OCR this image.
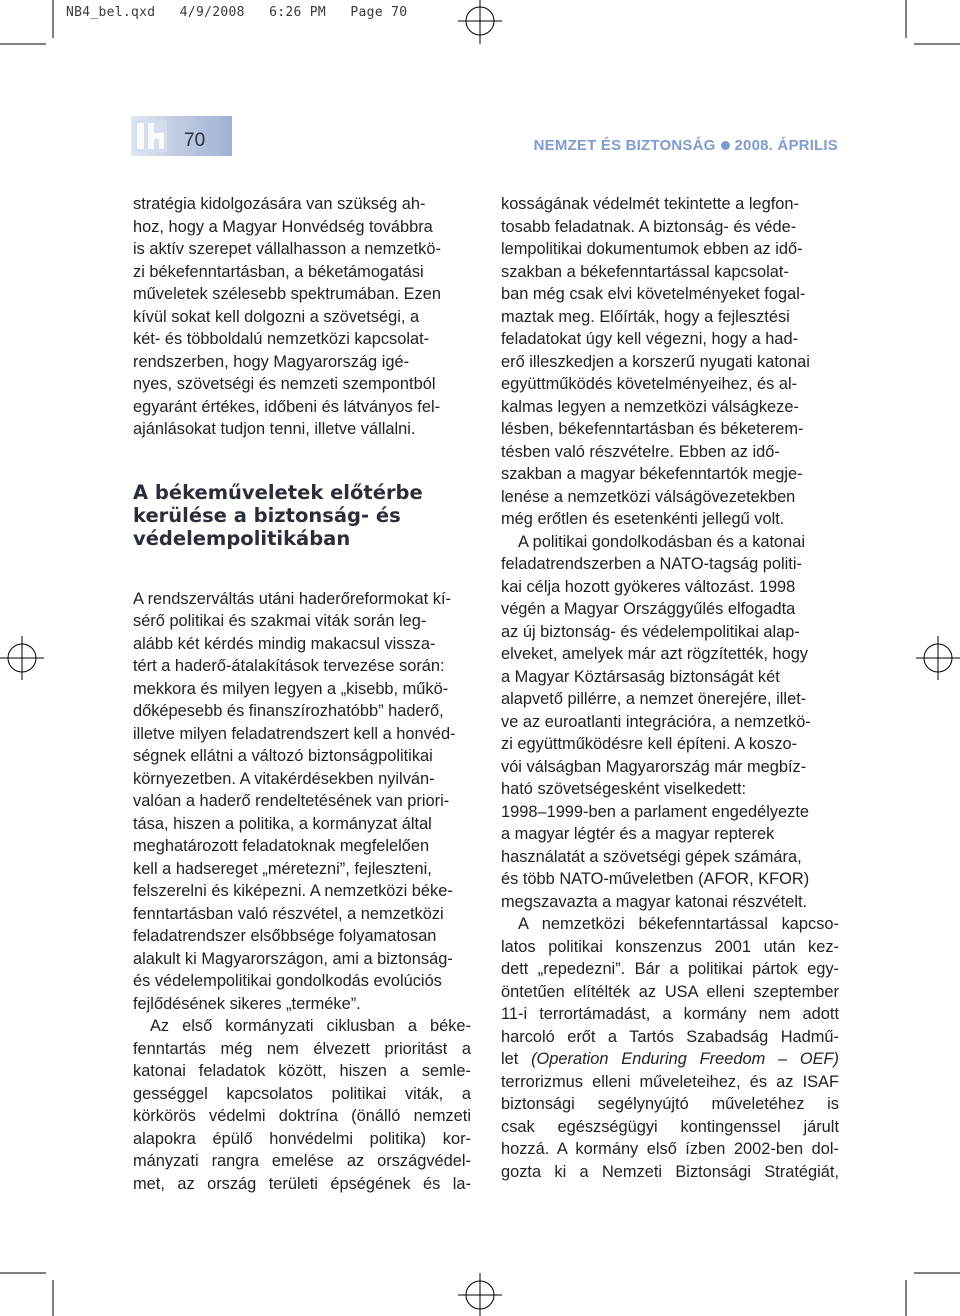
NB4_bel.qxd   4/9/2008   6:26 PM   Page 70
70	NEMZET ÉS BIZTONSÁG 2008. ÁPRILIS

stratégia kidolgozására van szükség ah-
hoz, hogy a Magyar Honvédség továbbra
is aktív szerepet vállalhasson a nemzetkö-
zi békefenntartásban, a béketámogatási
műveletek szélesebb spektrumában. Ezen
kívül sokat kell dolgozni a szövetségi, a
két- és többoldalú nemzetközi kapcsolat-
rendszerben, hogy Magyarország igé-
nyes, szövetségi és nemzeti szempontból
egyaránt értékes, időbeni és látványos fel-
ajánlásokat tudjon tenni, illetve vállalni.

A békeműveletek előtérbe
kerülése a biztonság- és
védelempolitikában

A rendszerváltás utáni haderőreformokat kí-
sérő politikai és szakmai viták során leg-
alább két kérdés mindig makacsul vissza-
tért a haderő-átalakítások tervezése során:
mekkora és milyen legyen a „kisebb, műkö-
dőképesebb és finanszírozhatóbb” haderő,
illetve milyen feladatrendszert kell a honvéd-
ségnek ellátni a változó biztonságpolitikai
környezetben. A vitakérdésekben nyilván-
valóan a haderő rendeltetésének van priori-
tása, hiszen a politika, a kormányzat által
meghatározott feladatoknak megfelelően
kell a hadsereget „méretezni”, fejleszteni,
felszerelni és kiképezni. A nemzetközi béke-
fenntartásban való részvétel, a nemzetközi
feladatrendszer elsőbbsége folyamatosan
alakult ki Magyarországon, ami a biztonság-
és védelempolitikai gondolkodás evolúciós
fejlődésének sikeres „terméke”.

Az első kormányzati ciklusban a béke-
fenntartás még nem élvezett prioritást a
katonai feladatok között, hiszen a semle-
gességgel kapcsolatos politikai viták, a
körkörös védelmi doktrína (önálló nemzeti
alapokra épülő honvédelmi politika) kor-
mányzati rangra emelése az országvédel-
met, az ország területi épségének és la-

kosságának védelmét tekintette a legfon-
tosabb feladatnak. A biztonság- és véde-
lempolitikai dokumentumok ebben az idő-
szakban a békefenntartással kapcsolat-
ban még csak elvi követelményeket fogal-
maztak meg. Előírták, hogy a fejlesztési
feladatokat úgy kell végezni, hogy a had-
erő illeszkedjen a korszerű nyugati katonai
együttműködés követelményeihez, és al-
kalmas legyen a nemzetközi válságkeze-
lésben, békefenntartásban és béketerem-
tésben való részvételre. Ebben az idő-
szakban a magyar békefenntartók megje-
lenése a nemzetközi válságövezetekben
még erőtlen és esetenkénti jellegű volt.

A politikai gondolkodásban és a katonai
feladatrendszerben a NATO-tagság politi-
kai célja hozott gyökeres változást. 1998
végén a Magyar Országgyűlés elfogadta
az új biztonság- és védelempolitikai alap-
elveket, amelyek már azt rögzítették, hogy
a Magyar Köztársaság biztonságát két
alapvető pillérre, a nemzet önerejére, illet-
ve az euroatlanti integrációra, a nemzetkö-
zi együttműködésre kell építeni. A koszo-
vói válságban Magyarország már megbíz-
ható szövetségesként viselkedett:
1998–1999-ben a parlament engedélyezte
a magyar légtér és a magyar repterek
használatát a szövetségi gépek számára,
és több NATO-műveletben (AFOR, KFOR)
megszavazta a magyar katonai részvételt.

A nemzetközi békefenntartással kapcso-
latos politikai konszenzus 2001 után kez-
dett „repedezni”. Bár a politikai pártok egy-
öntetűen elítélték az USA elleni szeptember
11-i terrortámadást, a kormány nem adott
harcoló erőt a Tartós Szabadság Hadmű-
let (Operation Enduring Freedom – OEF)
terrorizmus elleni műveleteihez, és az ISAF
biztonsági segélynyújtó műveletéhez is
csak egészségügyi kontingenssel járult
hozzá. A kormány első ízben 2002-ben dol-
gozta ki a Nemzeti Biztonsági Stratégiát,
